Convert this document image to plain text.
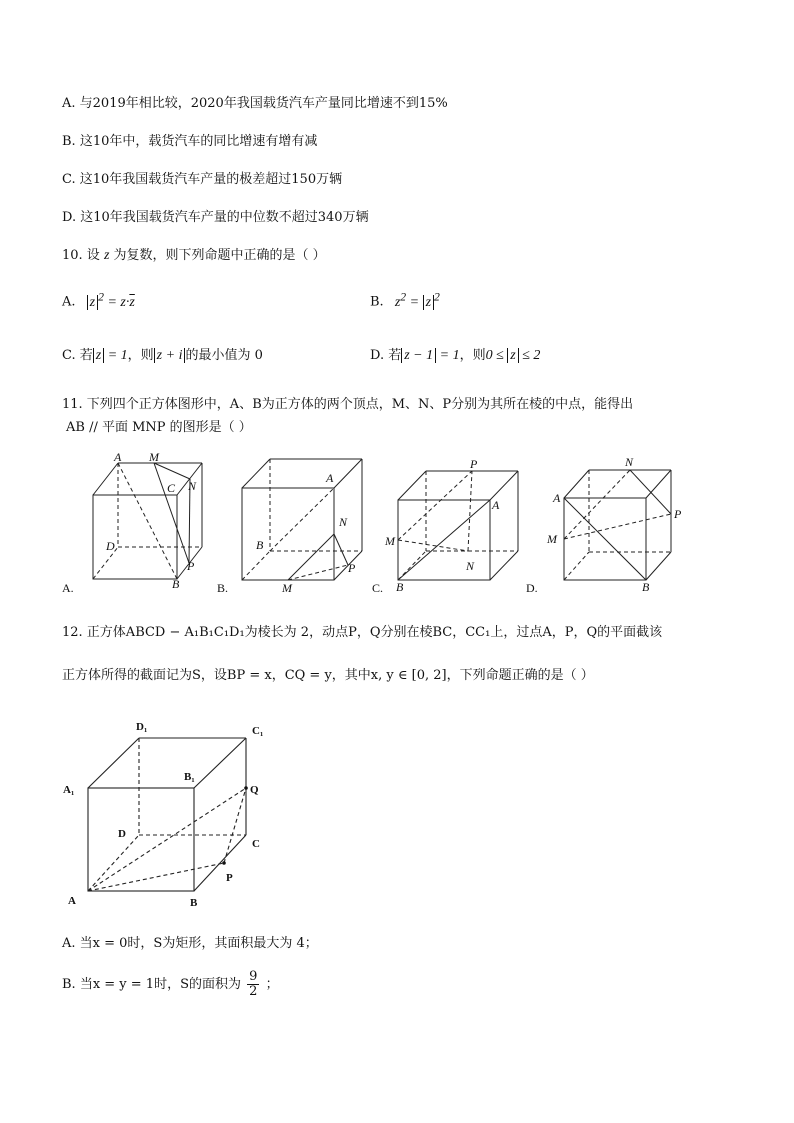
A. 与2019年相比较，2020年我国载货汽车产量同比增速不到15%
B. 这10年中，载货汽车的同比增速有增有减
C. 这10年我国载货汽车产量的极差超过150万辆
D. 这10年我国载货汽车产量的中位数不超过340万辆
10. 设 z 为复数，则下列命题中正确的是（ ）
A. z $^2 = z\cdot\overline{z}$	B.   $z^2 = z$ $^2$
C. 若 z = 1，则 z + i 的最小值为 0	D. 若 z − 1 = 1，则0 ≤ z ≤ 2
11. 下列四个正方体图形中，A、B为正方体的两个顶点，M、N、P分别为其所在棱的中点，能得出
AB // 平面 MNP 的图形是（ ）
A M
C N
D
P
B
A
N
B
P
M
P
A
M
N
B
N
A
P
M
B
A.	B.	C.	D.
12. 正方体ABCD − A₁B₁C₁D₁为棱长为 2，动点P，Q分别在棱BC，CC₁上，过点A，P，Q的平面截该
正方体所得的截面记为S，设BP = x，CQ = y，其中x, y ∈ [0, 2]，下列命题正确的是（ ）
D₁	C₁
A₁
B₁
Q
D
C
P
A	B
A. 当x = 0时，S为矩形，其面积最大为 4；
B. 当x = y = 1时，S的面积为 $\frac{9}{2}$ ；
